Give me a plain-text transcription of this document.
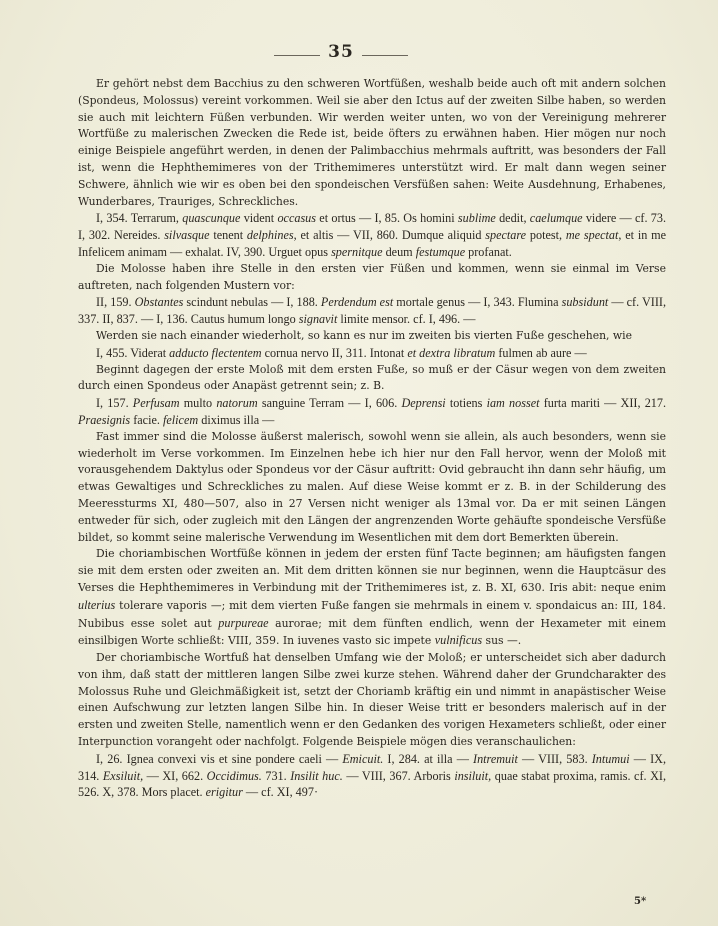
35

Er gehört nebst dem Bacchius zu den schweren Wortfüßen, weshalb beide auch oft mit andern solchen (Spondeus, Molossus) vereint vorkommen. Weil sie aber den Ictus auf der zweiten Silbe haben, so werden sie auch mit leichtern Füßen verbunden. Wir werden weiter unten, wo von der Vereinigung mehrerer Wortfüße zu malerischen Zwecken die Rede ist, beide öfters zu erwähnen haben. Hier mögen nur noch einige Beispiele angeführt werden, in denen der Palimbacchius mehrmals auftritt, was besonders der Fall ist, wenn die Hephthemimeres von der Trithemimeres unterstützt wird. Er malt dann wegen seiner Schwere, ähnlich wie wir es oben bei den spondeischen Versfüßen sahen: Weite Ausdehnung, Erhabenes, Wunderbares, Trauriges, Schreckliches.

I, 354. Terrarum, quascunque vident occasus et ortus — I, 85. Os homini sublime dedit, caelumque videre — cf. 73. I, 302. Nereides. silvasque tenent delphines, et altis — VII, 860. Dumque aliquid spectare potest, me spectat, et in me Infelicem animam — exhalat. IV, 390. Urguet opus spernitque deum festumque profanat.

Die Molosse haben ihre Stelle in den ersten vier Füßen und kommen, wenn sie einmal im Verse auftreten, nach folgenden Mustern vor:

II, 159. Obstantes scindunt nebulas — I, 188. Perdendum est mortale genus — I, 343. Flumina subsidunt — cf. VIII, 337. II, 837. — I, 136. Cautus humum longo signavit limite mensor. cf. I, 496. —

Werden sie nach einander wiederholt, so kann es nur im zweiten bis vierten Fuße geschehen, wie

I, 455. Viderat adducto flectentem cornua nervo II, 311. Intonat et dextra libratum fulmen ab aure —

Beginnt dagegen der erste Moloß mit dem ersten Fuße, so muß er der Cäsur wegen von dem zweiten durch einen Spondeus oder Anapäst getrennt sein; z. B.

I, 157. Perfusam multo natorum sanguine Terram — I, 606. Deprensi totiens iam nosset furta mariti — XII, 217. Praesignis facie. felicem diximus illa —

Fast immer sind die Molosse äußerst malerisch, sowohl wenn sie allein, als auch besonders, wenn sie wiederholt im Verse vorkommen. Im Einzelnen hebe ich hier nur den Fall hervor, wenn der Moloß mit vorausgehendem Daktylus oder Spondeus vor der Cäsur auftritt: Ovid gebraucht ihn dann sehr häufig, um etwas Gewaltiges und Schreckliches zu malen. Auf diese Weise kommt er z. B. in der Schilderung des Meeressturms XI, 480—507, also in 27 Versen nicht weniger als 13mal vor. Da er mit seinen Längen entweder für sich, oder zugleich mit den Längen der angrenzenden Worte gehäufte spondeische Versfüße bildet, so kommt seine malerische Verwendung im Wesentlichen mit dem dort Bemerkten überein.

Die choriambischen Wortfüße können in jedem der ersten fünf Tacte beginnen; am häufigsten fangen sie mit dem ersten oder zweiten an. Mit dem dritten können sie nur beginnen, wenn die Hauptcäsur des Verses die Hephthemimeres in Verbindung mit der Trithemimeres ist, z. B. XI, 630. Iris abit: neque enim ulterius tolerare vaporis —; mit dem vierten Fuße fangen sie mehrmals in einem v. spondaicus an: III, 184. Nubibus esse solet aut purpureae aurorae; mit dem fünften endlich, wenn der Hexameter mit einem einsilbigen Worte schließt: VIII, 359. In iuvenes vasto sic impete vulnificus sus —.

Der choriambische Wortfuß hat denselben Umfang wie der Moloß; er unterscheidet sich aber dadurch von ihm, daß statt der mittleren langen Silbe zwei kurze stehen. Während daher der Grundcharakter des Molossus Ruhe und Gleichmäßigkeit ist, setzt der Choriamb kräftig ein und nimmt in anapästischer Weise einen Aufschwung zur letzten langen Silbe hin. In dieser Weise tritt er besonders malerisch auf in der ersten und zweiten Stelle, namentlich wenn er den Gedanken des vorigen Hexameters schließt, oder einer Interpunction vorangeht oder nachfolgt. Folgende Beispiele mögen dies veranschaulichen:

I, 26. Ignea convexi vis et sine pondere caeli — Emicuit. I, 284. at illa — Intremuit — VIII, 583. Intumui — IX, 314. Exsiluit, — XI, 662. Occidimus. 731. Insilit huc. — VIII, 367. Arboris insiluit, quae stabat proxima, ramis. cf. XI, 526. X, 378. Mors placet. erigitur — cf. XI, 497·

5*
